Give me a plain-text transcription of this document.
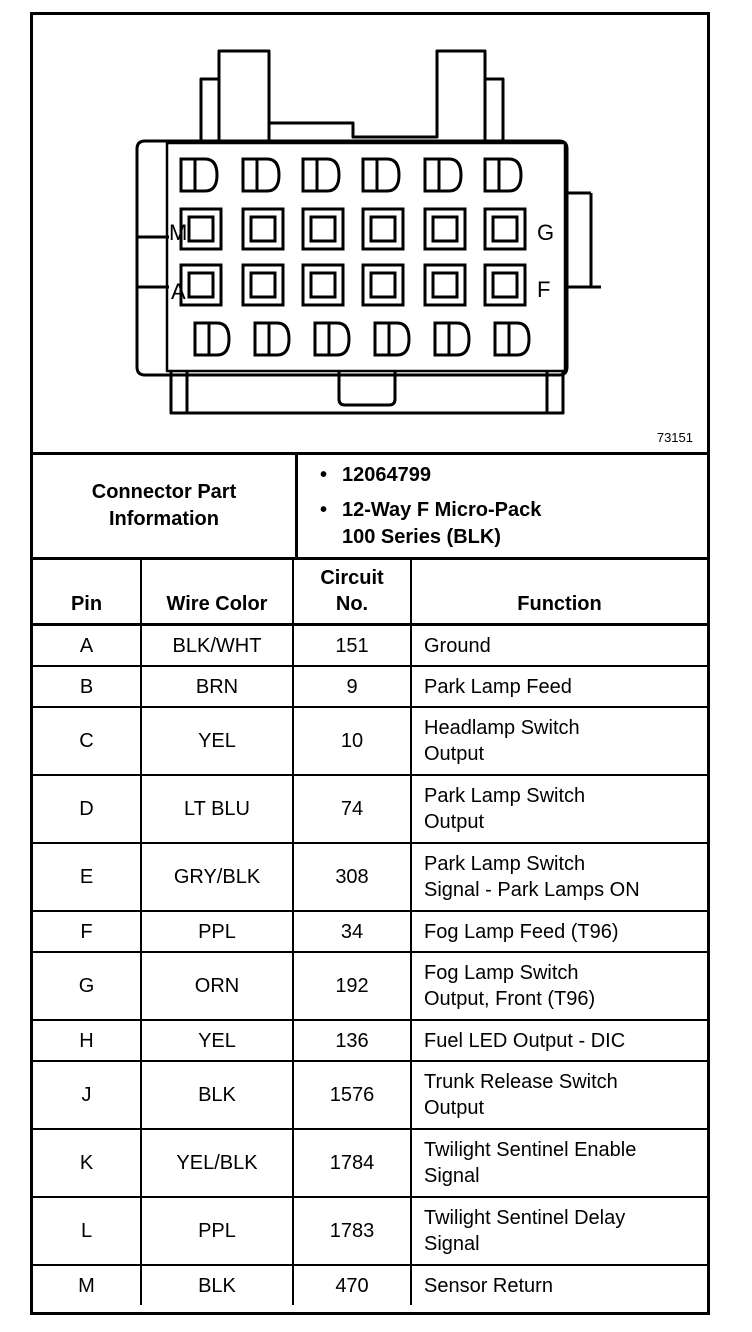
M	G
A	F
73151
Connector Part
Information

• 12064799
• 12-Way F Micro-Pack
100 Series (BLK)
Pin	Wire Color	Circuit
No.	Function
A	BLK/WHT	151	Ground

B	BRN	9	Park Lamp Feed

C	YEL	10	Headlamp Switch
Output

D	LT BLU	74	Park Lamp Switch
Output

E	GRY/BLK	308	Park Lamp Switch
Signal - Park Lamps ON

F	PPL	34	Fog Lamp Feed (T96)

G	ORN	192	Fog Lamp Switch
Output, Front (T96)

H	YEL	136	Fuel LED Output - DIC

J	BLK	1576	Trunk Release Switch
Output

K	YEL/BLK	1784	Twilight Sentinel Enable
Signal

L	PPL	1783	Twilight Sentinel Delay
Signal

M	BLK	470	Sensor Return
